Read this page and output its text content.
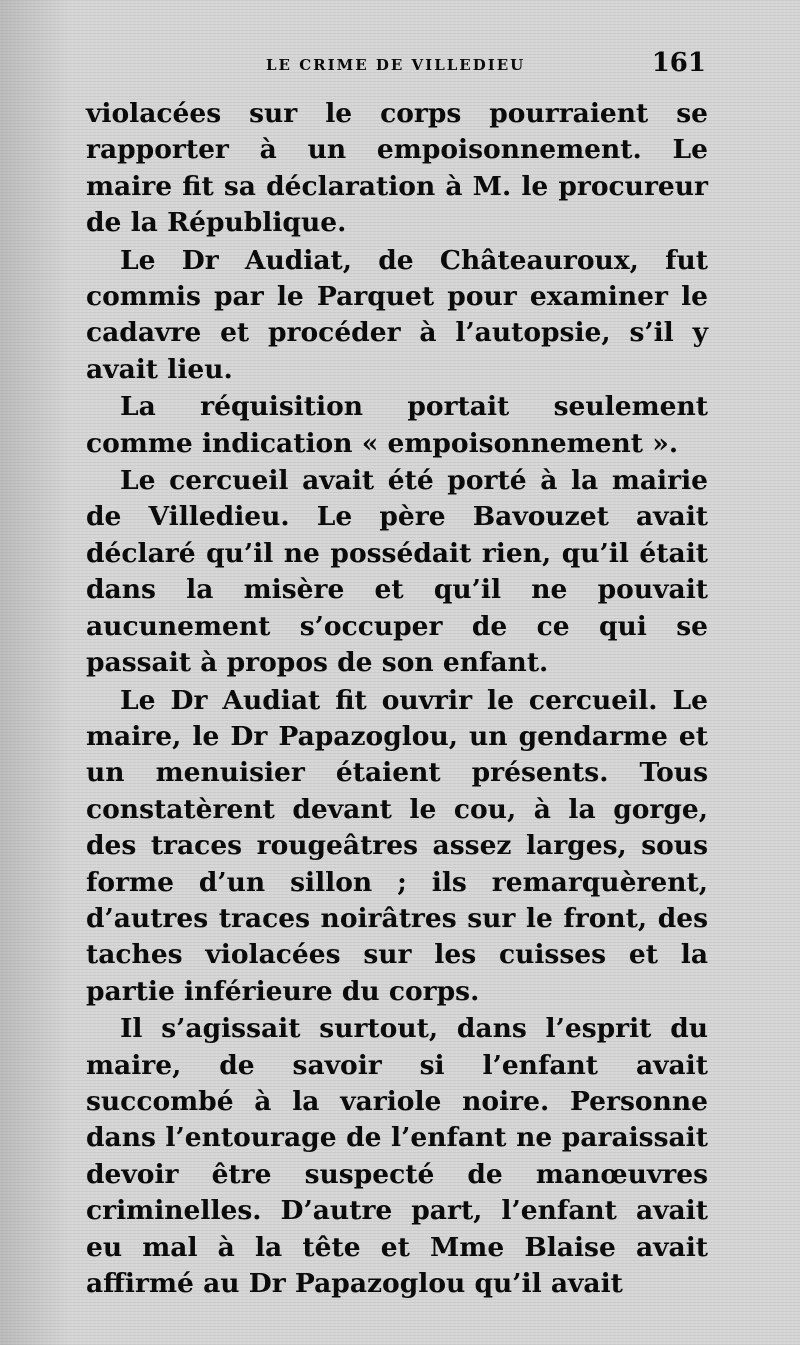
LE CRIME DE VILLEDIEU	161

violacées sur le corps pourraient se rapporter à un empoisonnement. Le maire fit sa déclaration à M. le procureur de la République.

Le Dr Audiat, de Châteauroux, fut commis par le Parquet pour examiner le cadavre et procéder à l’autopsie, s’il y avait lieu.

La réquisition portait seulement comme indication « empoisonnement ».

Le cercueil avait été porté à la mairie de Villedieu. Le père Bavouzet avait déclaré qu’il ne possédait rien, qu’il était dans la misère et qu’il ne pouvait aucunement s’occuper de ce qui se passait à propos de son enfant.

Le Dr Audiat fit ouvrir le cercueil. Le maire, le Dr Papazoglou, un gendarme et un menuisier étaient présents. Tous constatèrent devant le cou, à la gorge, des traces rougeâtres assez larges, sous forme d’un sillon ; ils remarquèrent, d’autres traces noirâtres sur le front, des taches violacées sur les cuisses et la partie inférieure du corps.

Il s’agissait surtout, dans l’esprit du maire, de savoir si l’enfant avait succombé à la variole noire. Personne dans l’entourage de l’enfant ne paraissait devoir être suspecté de manœuvres criminelles. D’autre part, l’enfant avait eu mal à la tête et Mme Blaise avait affirmé au Dr Papazoglou qu’il avait
